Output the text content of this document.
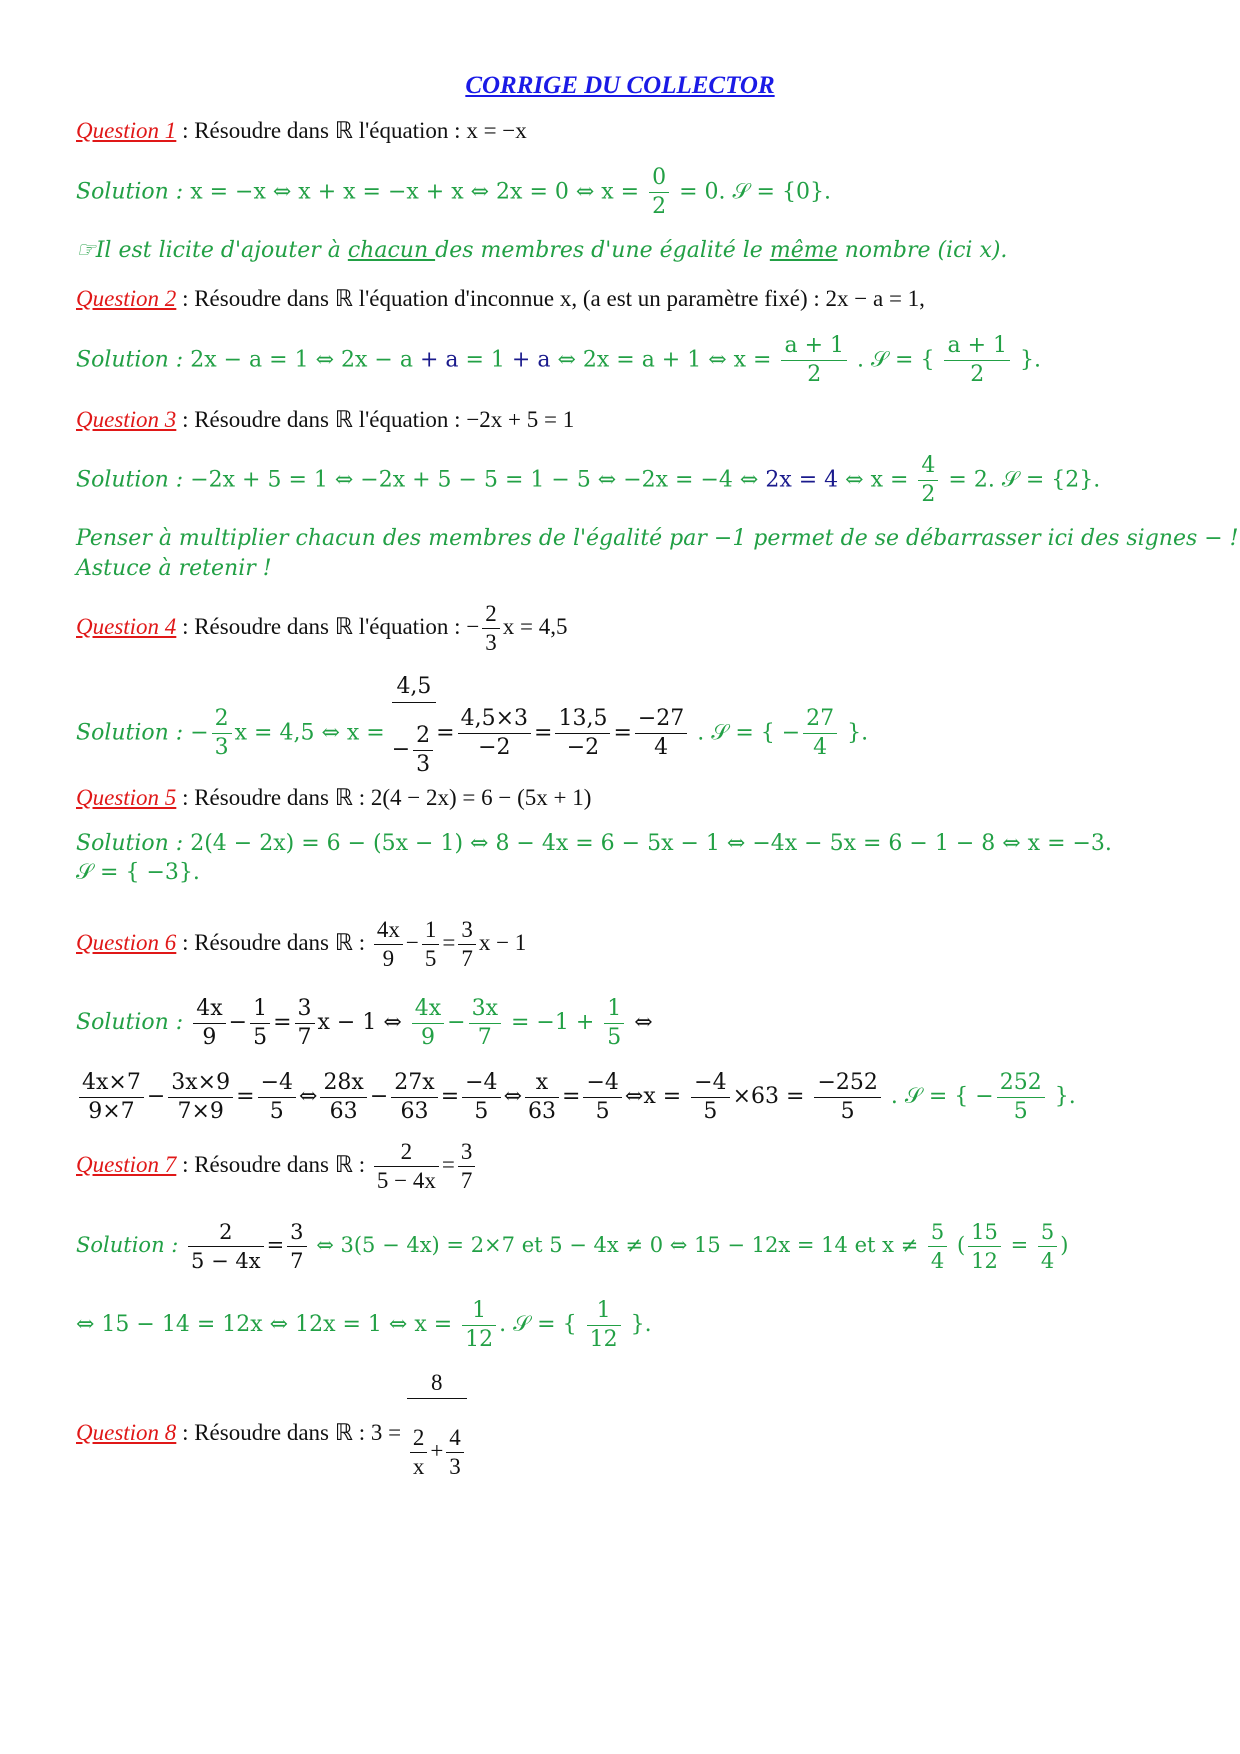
CORRIGE DU COLLECTOR
Question 1 : Résoudre dans ℝ l'équation : x = −x
Solution : x = −x ⇔ x + x = −x + x ⇔ 2x = 0 ⇔ $x = \frac{0}{2} = 0$. 𝒮 = {0}.
☞Il est licite d'ajouter à chacun des membres d'une égalité le même nombre (ici x).
Question 2 : Résoudre dans ℝ l'équation d'inconnue x, (a est un paramètre fixé) : 2x − a = 1,
Solution : 2x − a = 1 ⇔ 2x − a + a = 1 + a ⇔ 2x = a + 1 ⇔ $x = \frac{a + 1}{2}$ . 𝒮 = { $\frac{a + 1}{2}$ }.
Question 3 : Résoudre dans ℝ l'équation : −2x + 5 = 1
Solution : −2x + 5 = 1 ⇔ −2x + 5 − 5 = 1 − 5 ⇔ −2x = −4 ⇔ 2x = 4 ⇔ $x = \frac{4}{2} = 2$. 𝒮 = {2}.
Penser à multiplier chacun des membres de l'égalité par −1 permet de se débarrasser ici des signes − !
Astuce à retenir !
Question 4 : Résoudre dans ℝ l'équation : − $\frac{2}{3}$ x = 4,5
Solution : − $\frac{2}{3}$ x = 4,5 ⇔ $x = \frac{4,5}{- \frac{2}{3}} = \frac{4,5\times 3}{-2} = \frac{13,5}{-2} = \frac{-27}{4}$ . 𝒮 = { − $\frac{27}{4}$ }.
Question 5 : Résoudre dans ℝ : 2(4 − 2x) = 6 − (5x + 1)
Solution : 2(4 − 2x) = 6 − (5x − 1) ⇔ 8 − 4x = 6 − 5x − 1 ⇔ −4x − 5x = 6 − 1 − 8 ⇔ x = −3.
𝒮 = { −3}.
Question 6 : Résoudre dans ℝ : $\frac{4x}{9} - \frac{1}{5} = \frac{3}{7}$ x − 1
Solution : $\frac{4x}{9} - \frac{1}{5} = \frac{3}{7}$ x − 1 ⇔ $\frac{4x}{9} - \frac{3x}{7} = -1 + \frac{1}{5}$ ⇔
$\frac{4x\times 7}{9\times 7} - \frac{3x\times 9}{7\times 9} = \frac{-4}{5}$ ⇔ $\frac{28x}{63} - \frac{27x}{63} = \frac{-4}{5}$ ⇔ $\frac{x}{63} = \frac{-4}{5}$ ⇔x = $\frac{-4}{5} \times 63 = \frac{-252}{5}$ . 𝒮 = { − $\frac{252}{5}$ }.
Question 7 : Résoudre dans ℝ : $\frac{2}{5 - 4x} = \frac{3}{7}$
Solution : $\frac{2}{5 - 4x} = \frac{3}{7}$ ⇔ 3(5 − 4x) = 2×7 et 5 − 4x ≠ 0 ⇔ 15 − 12x = 14 et $x \ne \frac{5}{4}$ ( $\frac{15}{12} = \frac{5}{4}$ )
⇔ 15 − 14 = 12x ⇔ 12x = 1 ⇔ $x = \frac{1}{12}$ . 𝒮 = { $\frac{1}{12}$ }.
Question 8 : Résoudre dans ℝ : $3 = \frac{8}{\frac{2}{x} + \frac{4}{3}}$
